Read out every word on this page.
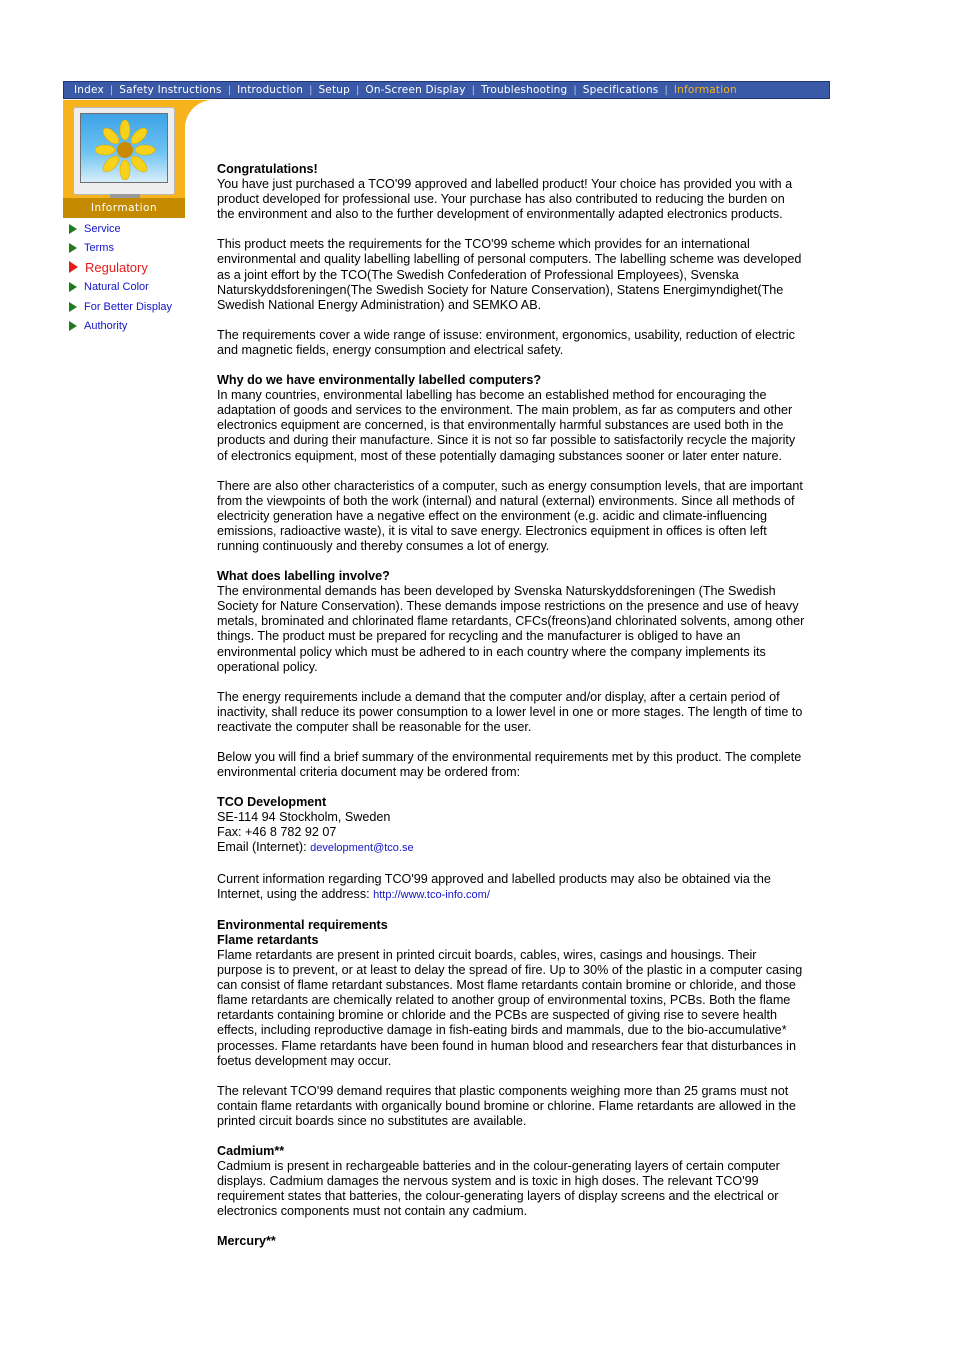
Index | Safety Instructions | Introduction | Setup | On-Screen Display | Troubleshooting | Specifications | Information
Information
Service
Terms
Regulatory
Natural Color
For Better Display
Authority

Congratulations!
You have just purchased a TCO'99 approved and labelled product! Your choice has provided you with a product developed for professional use. Your purchase has also contributed to reducing the burden on the environment and also to the further development of environmentally adapted electronics products.

This product meets the requirements for the TCO'99 scheme which provides for an international environmental and quality labelling labelling of personal computers. The labelling scheme was developed as a joint effort by the TCO(The Swedish Confederation of Professional Employees), Svenska Naturskyddsforeningen(The Swedish Society for Nature Conservation), Statens Energimyndighet(The Swedish National Energy Administration) and SEMKO AB.

The requirements cover a wide range of issuse: environment, ergonomics, usability, reduction of electric and magnetic fields, energy consumption and electrical safety.

Why do we have environmentally labelled computers?
In many countries, environmental labelling has become an established method for encouraging the adaptation of goods and services to the environment. The main problem, as far as computers and other electronics equipment are concerned, is that environmentally harmful substances are used both in the products and during their manufacture. Since it is not so far possible to satisfactorily recycle the majority of electronics equipment, most of these potentially damaging substances sooner or later enter nature.

There are also other characteristics of a computer, such as energy consumption levels, that are important from the viewpoints of both the work (internal) and natural (external) environments. Since all methods of electricity generation have a negative effect on the environment (e.g. acidic and climate-influencing emissions, radioactive waste), it is vital to save energy. Electronics equipment in offices is often left running continuously and thereby consumes a lot of energy.

What does labelling involve?
The environmental demands has been developed by Svenska Naturskyddsforeningen (The Swedish Society for Nature Conservation). These demands impose restrictions on the presence and use of heavy metals, brominated and chlorinated flame retardants, CFCs(freons)and chlorinated solvents, among other things. The product must be prepared for recycling and the manufacturer is obliged to have an environmental policy which must be adhered to in each country where the company implements its operational policy.

The energy requirements include a demand that the computer and/or display, after a certain period of inactivity, shall reduce its power consumption to a lower level in one or more stages. The length of time to reactivate the computer shall be reasonable for the user.

Below you will find a brief summary of the environmental requirements met by this product. The complete environmental criteria document may be ordered from:

TCO Development
SE-114 94 Stockholm, Sweden
Fax: +46 8 782 92 07
Email (Internet): development@tco.se

Current information regarding TCO'99 approved and labelled products may also be obtained via the Internet, using the address: http://www.tco-info.com/

Environmental requirements
Flame retardants
Flame retardants are present in printed circuit boards, cables, wires, casings and housings. Their purpose is to prevent, or at least to delay the spread of fire. Up to 30% of the plastic in a computer casing can consist of flame retardant substances. Most flame retardants contain bromine or chloride, and those flame retardants are chemically related to another group of environmental toxins, PCBs. Both the flame retardants containing bromine or chloride and the PCBs are suspected of giving rise to severe health effects, including reproductive damage in fish-eating birds and mammals, due to the bio-accumulative* processes. Flame retardants have been found in human blood and researchers fear that disturbances in foetus development may occur.

The relevant TCO'99 demand requires that plastic components weighing more than 25 grams must not contain flame retardants with organically bound bromine or chlorine. Flame retardants are allowed in the printed circuit boards since no substitutes are available.

Cadmium**
Cadmium is present in rechargeable batteries and in the colour-generating layers of certain computer displays. Cadmium damages the nervous system and is toxic in high doses. The relevant TCO'99 requirement states that batteries, the colour-generating layers of display screens and the electrical or electronics components must not contain any cadmium.

Mercury**
